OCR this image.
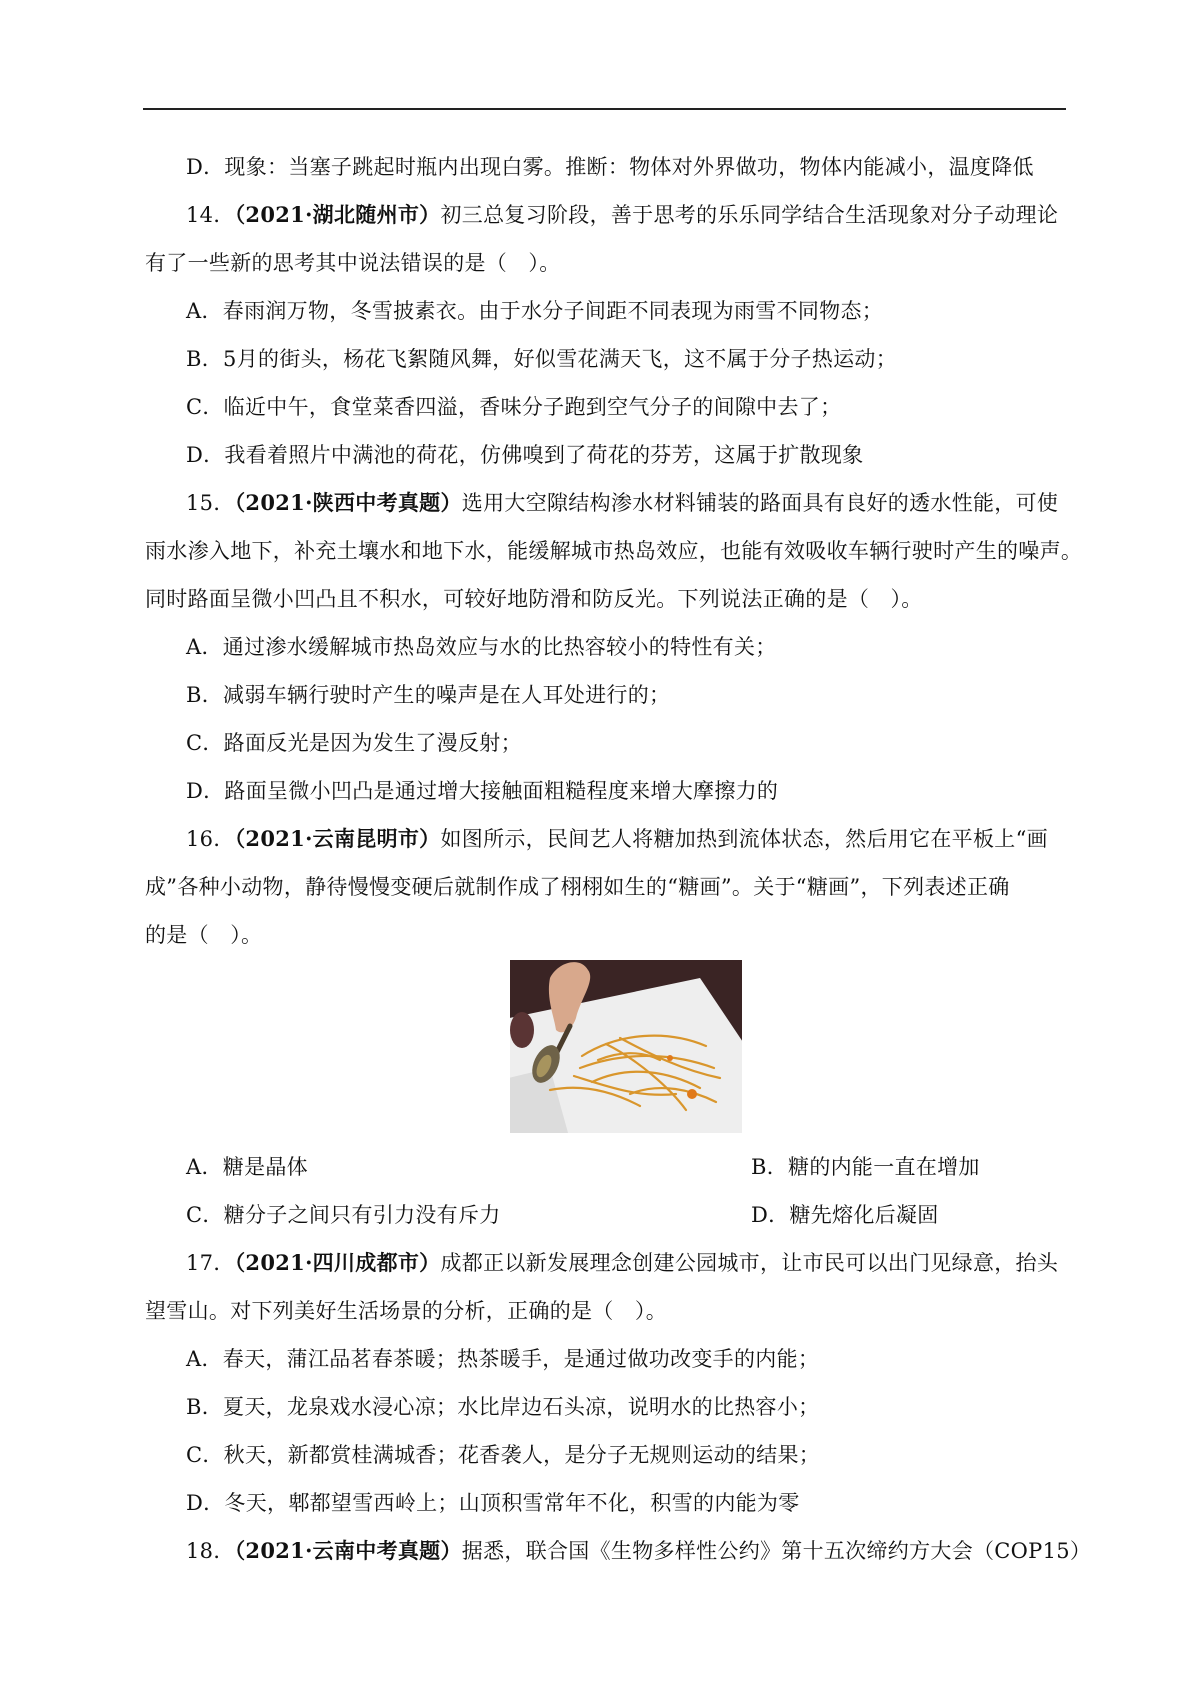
D．现象：当塞子跳起时瓶内出现白雾。推断：物体对外界做功，物体内能减小，温度降低
14．（2021·湖北随州市）初三总复习阶段，善于思考的乐乐同学结合生活现象对分子动理论
有了一些新的思考其中说法错误的是（　）。
A．春雨润万物，冬雪披素衣。由于水分子间距不同表现为雨雪不同物态；
B．5月的街头，杨花飞絮随风舞，好似雪花满天飞，这不属于分子热运动；
C．临近中午，食堂菜香四溢，香味分子跑到空气分子的间隙中去了；
D．我看着照片中满池的荷花，仿佛嗅到了荷花的芬芳，这属于扩散现象
15．（2021·陕西中考真题）选用大空隙结构渗水材料铺装的路面具有良好的透水性能，可使
雨水渗入地下，补充土壤水和地下水，能缓解城市热岛效应，也能有效吸收车辆行驶时产生的噪声。
同时路面呈微小凹凸且不积水，可较好地防滑和防反光。下列说法正确的是（　）。
A．通过渗水缓解城市热岛效应与水的比热容较小的特性有关；
B．减弱车辆行驶时产生的噪声是在人耳处进行的；
C．路面反光是因为发生了漫反射；
D．路面呈微小凹凸是通过增大接触面粗糙程度来增大摩擦力的
16．（2021·云南昆明市）如图所示，民间艺人将糖加热到流体状态，然后用它在平板上“画
成”各种小动物，静待慢慢变硬后就制作成了栩栩如生的“糖画”。关于“糖画”，下列表述正确
的是（　）。
A．糖是晶体	B．糖的内能一直在增加
C．糖分子之间只有引力没有斥力	D．糖先熔化后凝固
17．（2021·四川成都市）成都正以新发展理念创建公园城市，让市民可以出门见绿意，抬头
望雪山。对下列美好生活场景的分析，正确的是（　）。
A．春天，蒲江品茗春茶暖；热茶暖手，是通过做功改变手的内能；
B．夏天，龙泉戏水浸心凉；水比岸边石头凉，说明水的比热容小；
C．秋天，新都赏桂满城香；花香袭人，是分子无规则运动的结果；
D．冬天，郫都望雪西岭上；山顶积雪常年不化，积雪的内能为零
18．（2021·云南中考真题）据悉，联合国《生物多样性公约》第十五次缔约方大会（COP15）
